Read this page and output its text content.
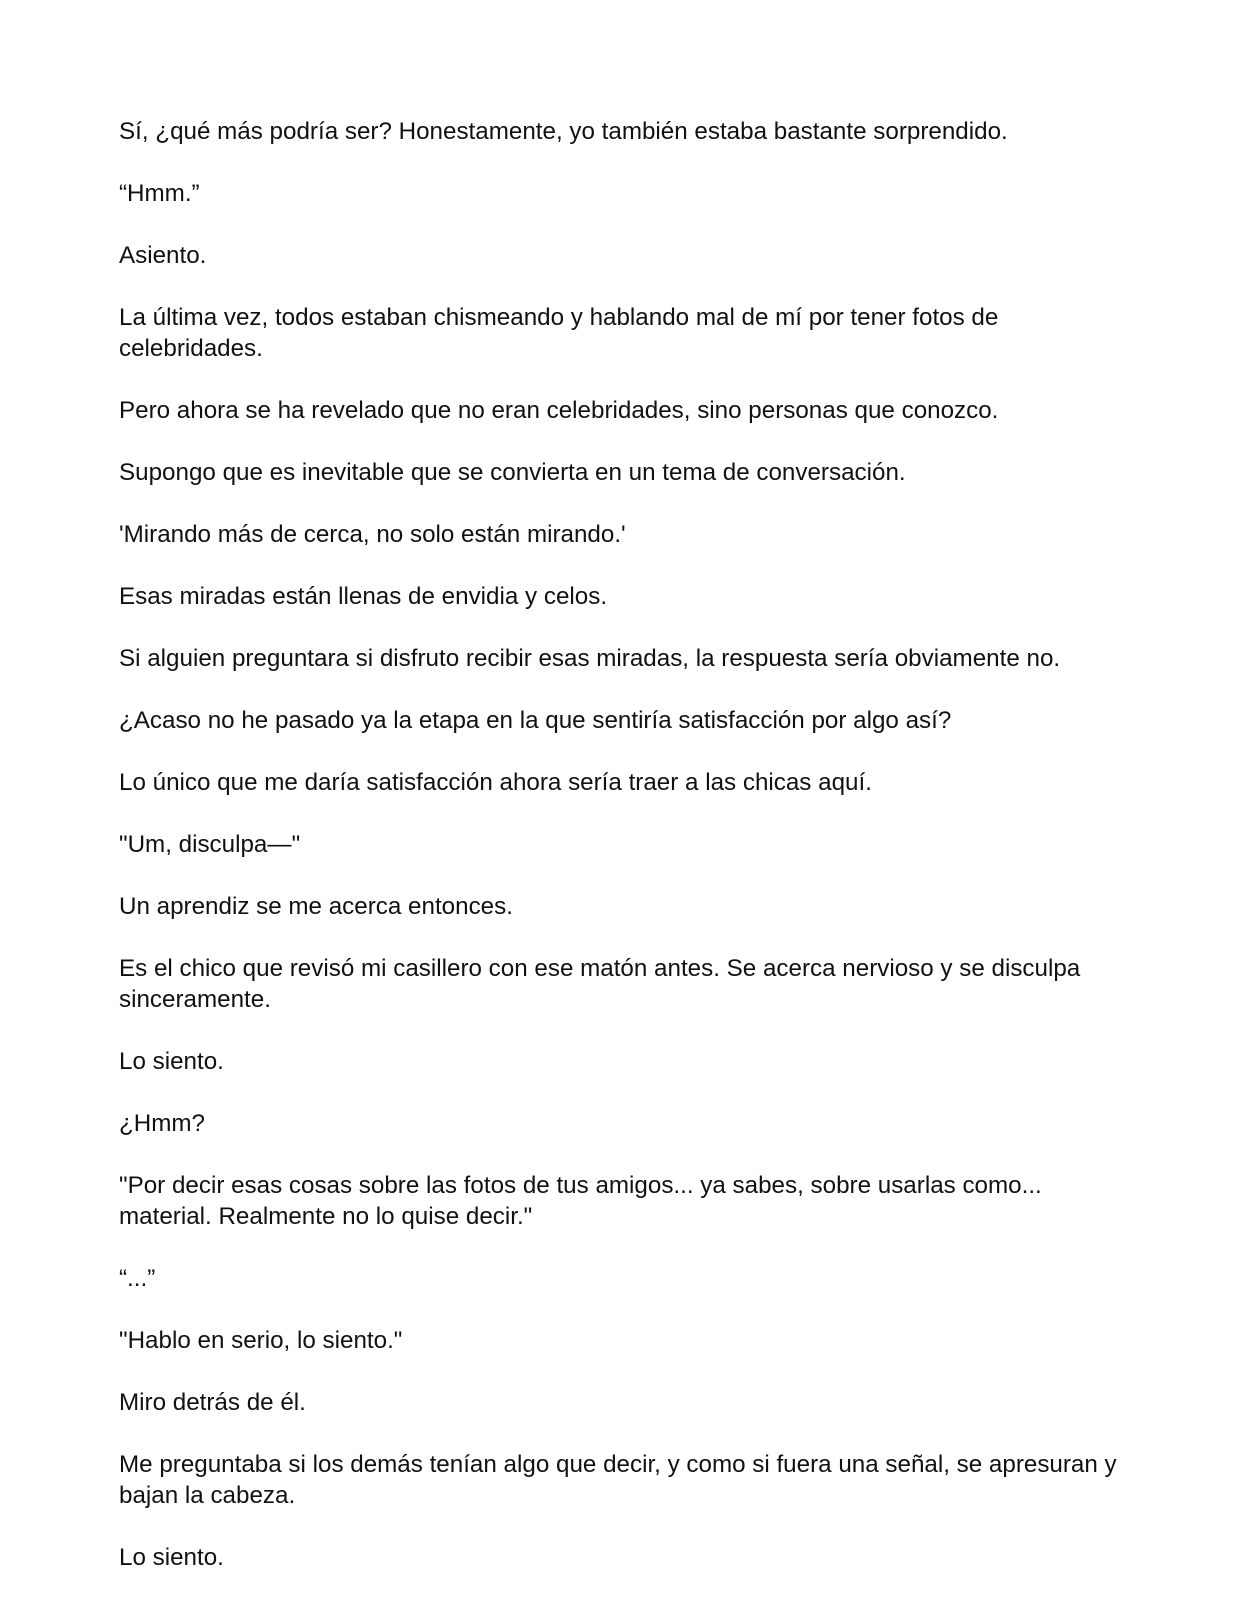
Sí, ¿qué más podría ser? Honestamente, yo también estaba bastante sorprendido.

“Hmm.”

Asiento.

La última vez, todos estaban chismeando y hablando mal de mí por tener fotos de celebridades.

Pero ahora se ha revelado que no eran celebridades, sino personas que conozco.

Supongo que es inevitable que se convierta en un tema de conversación.

'Mirando más de cerca, no solo están mirando.'

Esas miradas están llenas de envidia y celos.

Si alguien preguntara si disfruto recibir esas miradas, la respuesta sería obviamente no.

¿Acaso no he pasado ya la etapa en la que sentiría satisfacción por algo así?

Lo único que me daría satisfacción ahora sería traer a las chicas aquí.

"Um, disculpa—"

Un aprendiz se me acerca entonces.

Es el chico que revisó mi casillero con ese matón antes. Se acerca nervioso y se disculpa sinceramente.

Lo siento.

¿Hmm?

"Por decir esas cosas sobre las fotos de tus amigos... ya sabes, sobre usarlas como... material. Realmente no lo quise decir."

“...”

"Hablo en serio, lo siento."

Miro detrás de él.

Me preguntaba si los demás tenían algo que decir, y como si fuera una señal, se apresuran y bajan la cabeza.

Lo siento.
